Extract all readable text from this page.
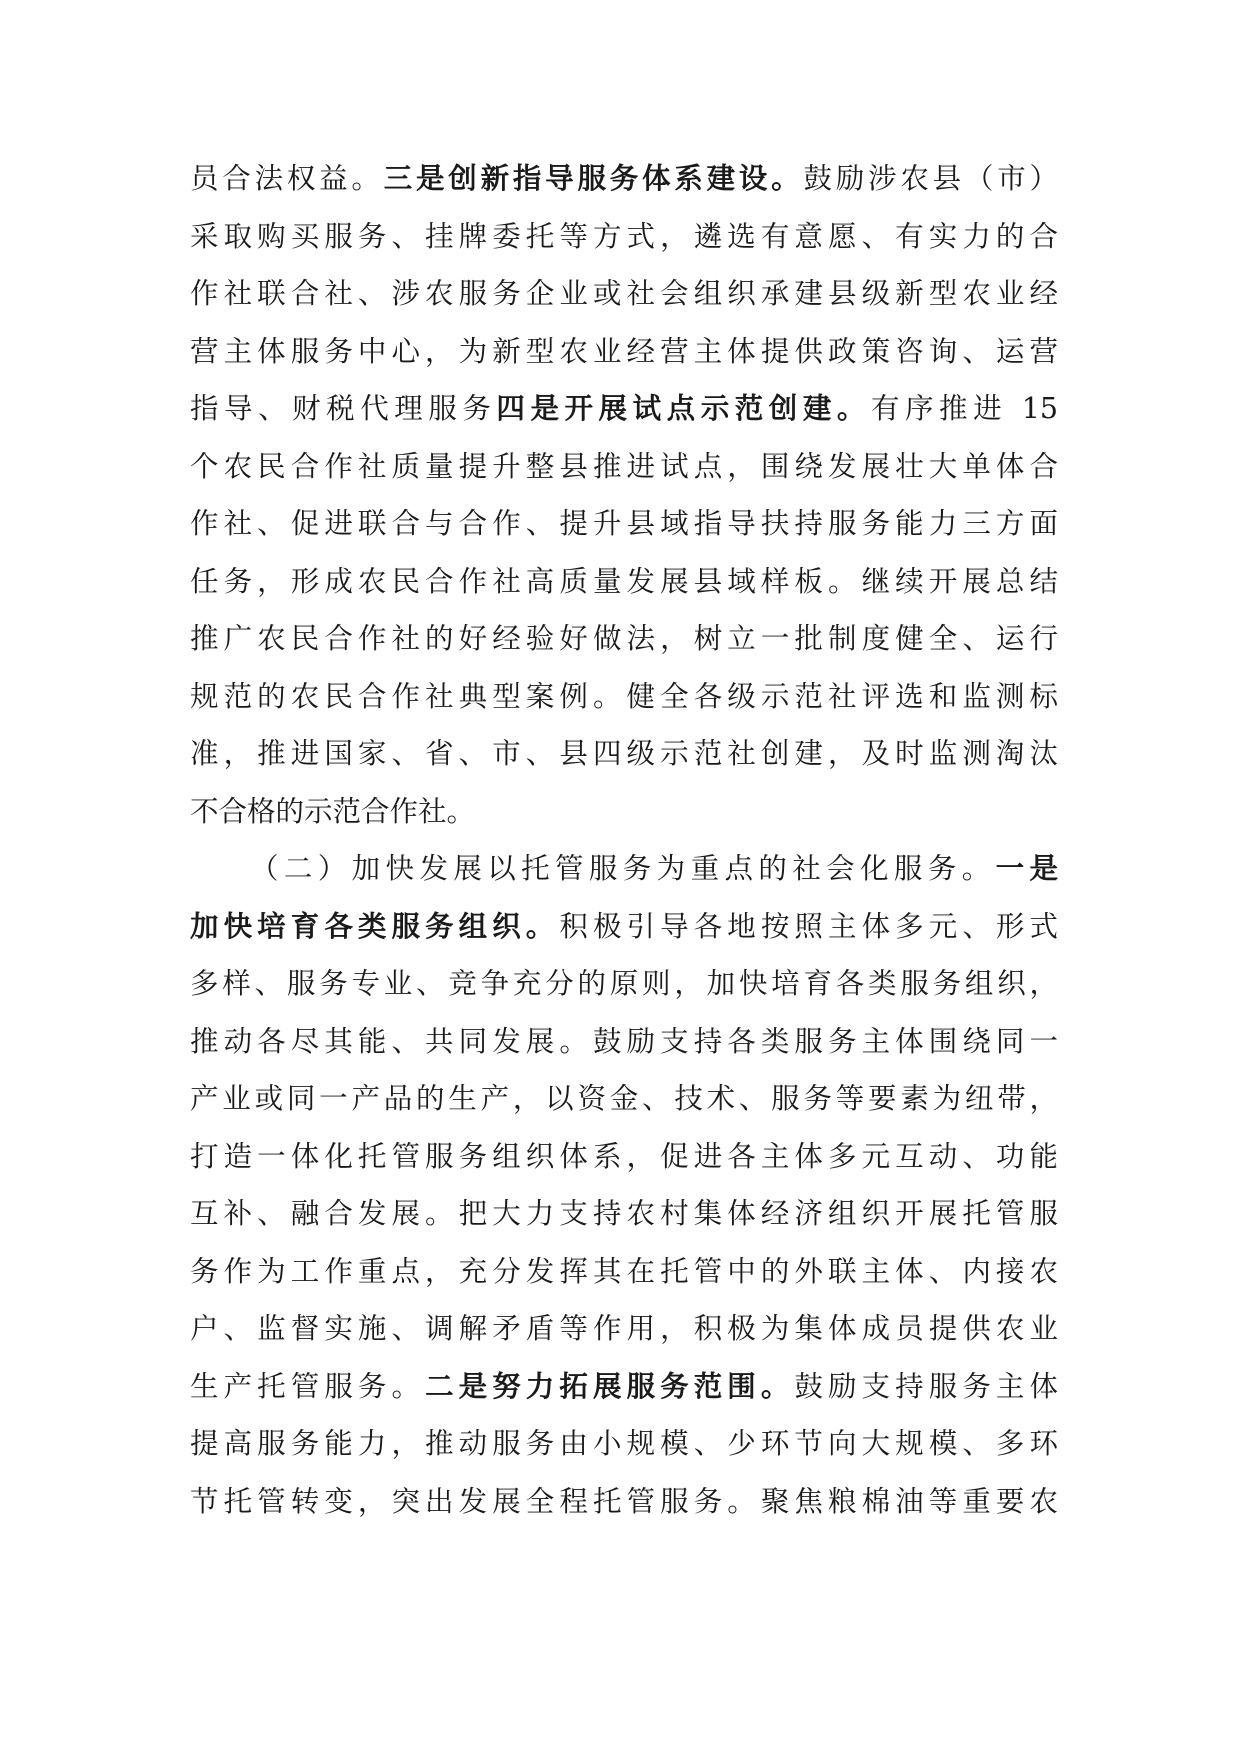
员合法权益。三是创新指导服务体系建设。鼓励涉农县（市）
采取购买服务、挂牌委托等方式，遴选有意愿、有实力的合
作社联合社、涉农服务企业或社会组织承建县级新型农业经
营主体服务中心，为新型农业经营主体提供政策咨询、运营
指导、财税代理服务四是开展试点示范创建。有序推进 15
个农民合作社质量提升整县推进试点，围绕发展壮大单体合
作社、促进联合与合作、提升县域指导扶持服务能力三方面
任务，形成农民合作社高质量发展县域样板。继续开展总结
推广农民合作社的好经验好做法，树立一批制度健全、运行
规范的农民合作社典型案例。健全各级示范社评选和监测标
准，推进国家、省、市、县四级示范社创建，及时监测淘汰
不合格的示范合作社。
（二）加快发展以托管服务为重点的社会化服务。一是
加快培育各类服务组织。积极引导各地按照主体多元、形式
多样、服务专业、竞争充分的原则，加快培育各类服务组织，
推动各尽其能、共同发展。鼓励支持各类服务主体围绕同一
产业或同一产品的生产，以资金、技术、服务等要素为纽带，
打造一体化托管服务组织体系，促进各主体多元互动、功能
互补、融合发展。把大力支持农村集体经济组织开展托管服
务作为工作重点，充分发挥其在托管中的外联主体、内接农
户、监督实施、调解矛盾等作用，积极为集体成员提供农业
生产托管服务。二是努力拓展服务范围。鼓励支持服务主体
提高服务能力，推动服务由小规模、少环节向大规模、多环
节托管转变，突出发展全程托管服务。聚焦粮棉油等重要农
